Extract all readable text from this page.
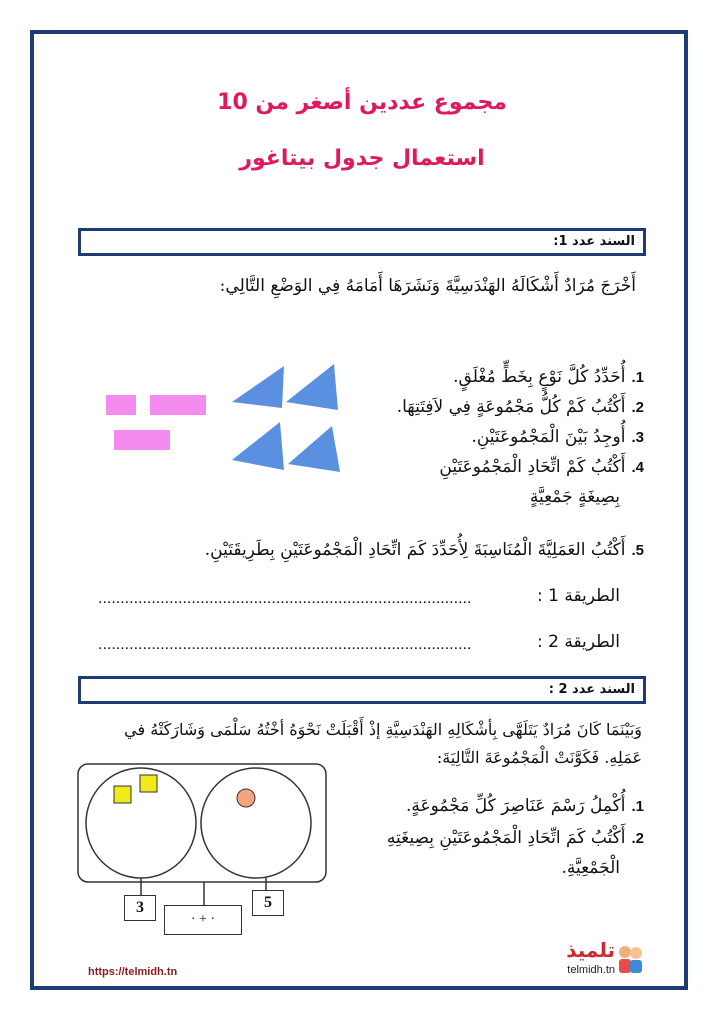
مجموع عددين أصغر من 10
استعمال جدول بيتاغور
السند عدد 1:
أَخْرَجَ مُرَادٌ أَشْكَالَهُ الهَنْدَسِيَّةَ وَنَشَرَهَا أَمَامَهُ فِي الوَضْعِ التَّالِي:
1.أُحَدِّدُ كُلَّ نَوْعٍ بِخَطٍّ مُغْلَقٍ.
2.أَكْتُبُ كَمْ كُلُّ مَجْمُوعَةٍ فِي لاَفِتَتِهَا.
3.أُوجِدُ بَيْنَ الْمَجْمُوعَتَيْنِ.
4.أَكْتُبُ كَمْ اتِّحَادِ الْمَجْمُوعَتَيْنِ
بِصِيغَةٍ جَمْعِيَّةٍ
5.أَكْتُبُ العَمَلِيَّةَ الْمُنَاسِبَةَ لِأُحَدِّدَ كَمَ اتِّحَادِ الْمَجْمُوعَتَيْنِ بِطَرِيقَتَيْنِ.
الطريقة 1 :
....................................................................................
الطريقة 2 :
....................................................................................
السند عدد 2 :
وَبَيْنَمَا كَانَ مُرَادٌ يَتَلَهَّى بِأشْكَالِهِ الهَنْدَسِيَّةِ إذْ أَقْبَلَتْ نَحْوَهُ أخْتُهُ سَلْمَى وَشَارَكَتْهُ في
عَمَلِهِ. فَكَوَّنَتْ الْمَجْمُوعَةَ التَّالِيَةَ:
3	5
· + ·
1.أُكْمِلُ رَسْمَ عَنَاصِرَ كُلِّ مَجْمُوعَةٍ.
2.أَكْتُبُ كَمَ اتِّحَادِ الْمَجْمُوعَتَيْنِ بِصِيغَتِهِ
الْجَمْعِيَّةِ.
https://telmidh.tn
تلميذ
telmidh.tn
